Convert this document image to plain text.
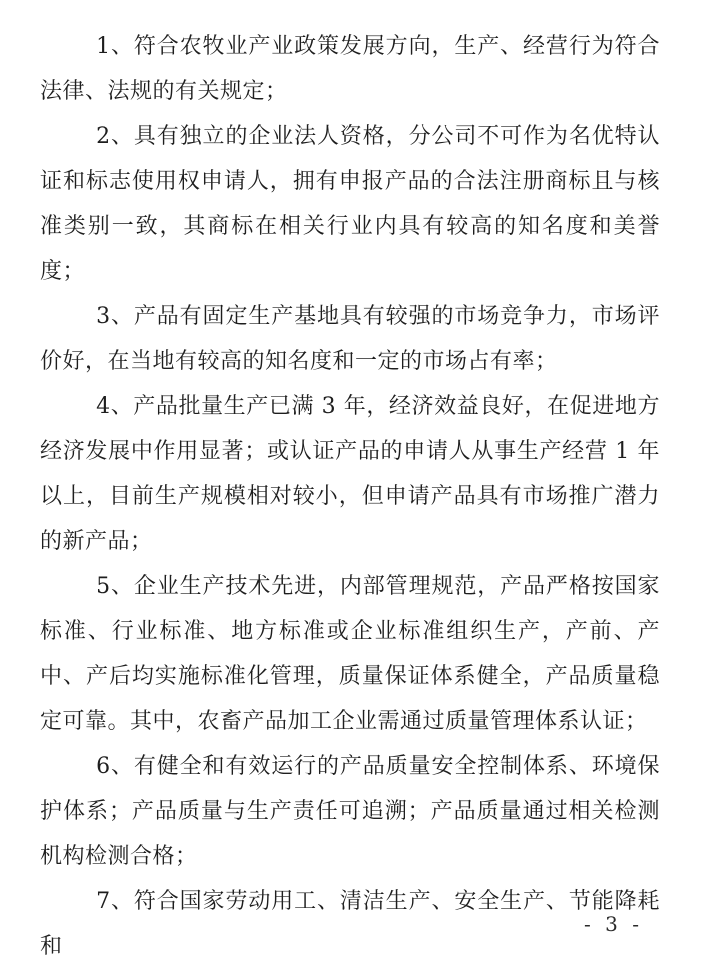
1、符合农牧业产业政策发展方向，生产、经营行为符合法律、法规的有关规定；

2、具有独立的企业法人资格，分公司不可作为名优特认证和标志使用权申请人，拥有申报产品的合法注册商标且与核准类别一致，其商标在相关行业内具有较高的知名度和美誉度；

3、产品有固定生产基地具有较强的市场竞争力，市场评价好，在当地有较高的知名度和一定的市场占有率；

4、产品批量生产已满 3 年，经济效益良好，在促进地方经济发展中作用显著；或认证产品的申请人从事生产经营 1 年以上，目前生产规模相对较小，但申请产品具有市场推广潜力的新产品；

5、企业生产技术先进，内部管理规范，产品严格按国家标准、行业标准、地方标准或企业标准组织生产，产前、产中、产后均实施标准化管理，质量保证体系健全，产品质量稳定可靠。其中，农畜产品加工企业需通过质量管理体系认证；

6、有健全和有效运行的产品质量安全控制体系、环境保护体系；产品质量与生产责任可追溯；产品质量通过相关检测机构检测合格；

7、符合国家劳动用工、清洁生产、安全生产、节能降耗和

- 3 -
